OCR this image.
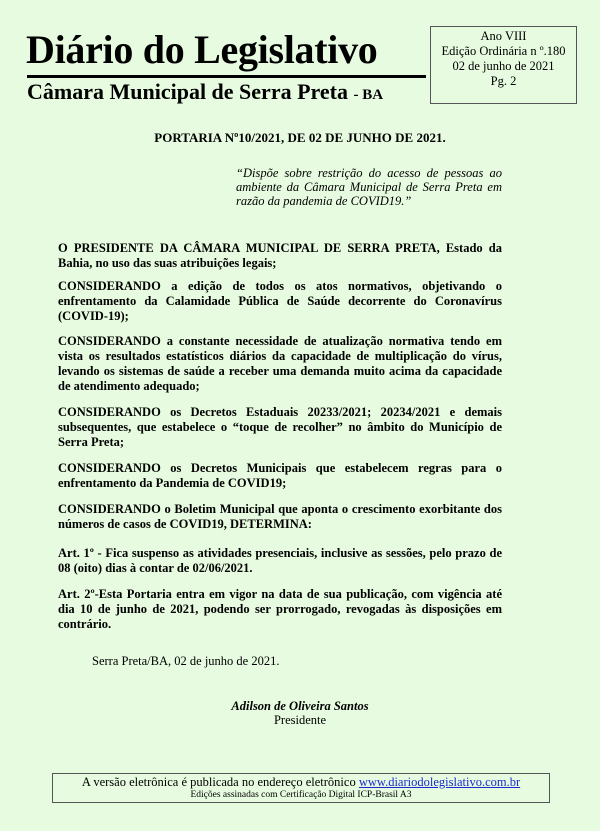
Diário do Legislativo
Câmara Municipal de Serra Preta - BA
Ano VIII
Edição Ordinária n º.180
02 de junho de 2021
Pg. 2
PORTARIA Nº10/2021, DE 02 DE JUNHO DE 2021.
“Dispõe sobre restrição do acesso de pessoas ao ambiente da Câmara Municipal de Serra Preta em razão da pandemia de COVID19.”
O PRESIDENTE DA CÂMARA MUNICIPAL DE SERRA PRETA, Estado da Bahia, no uso das suas atribuições legais;
CONSIDERANDO a edição de todos os atos normativos, objetivando o enfrentamento da Calamidade Pública de Saúde decorrente do Coronavírus (COVID-19);
CONSIDERANDO a constante necessidade de atualização normativa tendo em vista os resultados estatísticos diários da capacidade de multiplicação do vírus, levando os sistemas de saúde a receber uma demanda muito acima da capacidade de atendimento adequado;
CONSIDERANDO os Decretos Estaduais 20233/2021; 20234/2021 e demais subsequentes, que estabelece o “toque de recolher” no âmbito do Município de Serra Preta;
CONSIDERANDO os Decretos Municipais que estabelecem regras para o enfrentamento da Pandemia de COVID19;
CONSIDERANDO o Boletim Municipal que aponta o crescimento exorbitante dos números de casos de COVID19, DETERMINA:
Art. 1º - Fica suspenso as atividades presenciais, inclusive as sessões, pelo prazo de 08 (oito) dias à contar de 02/06/2021.
Art. 2º-Esta Portaria entra em vigor na data de sua publicação, com vigência até dia 10 de junho de 2021, podendo ser prorrogado, revogadas às disposições em contrário.
Serra Preta/BA, 02 de junho de 2021.
Adilson de Oliveira Santos
Presidente
A versão eletrônica é publicada no endereço eletrônico www.diariodolegislativo.com.br
Edições assinadas com Certificação Digital ICP-Brasil A3
